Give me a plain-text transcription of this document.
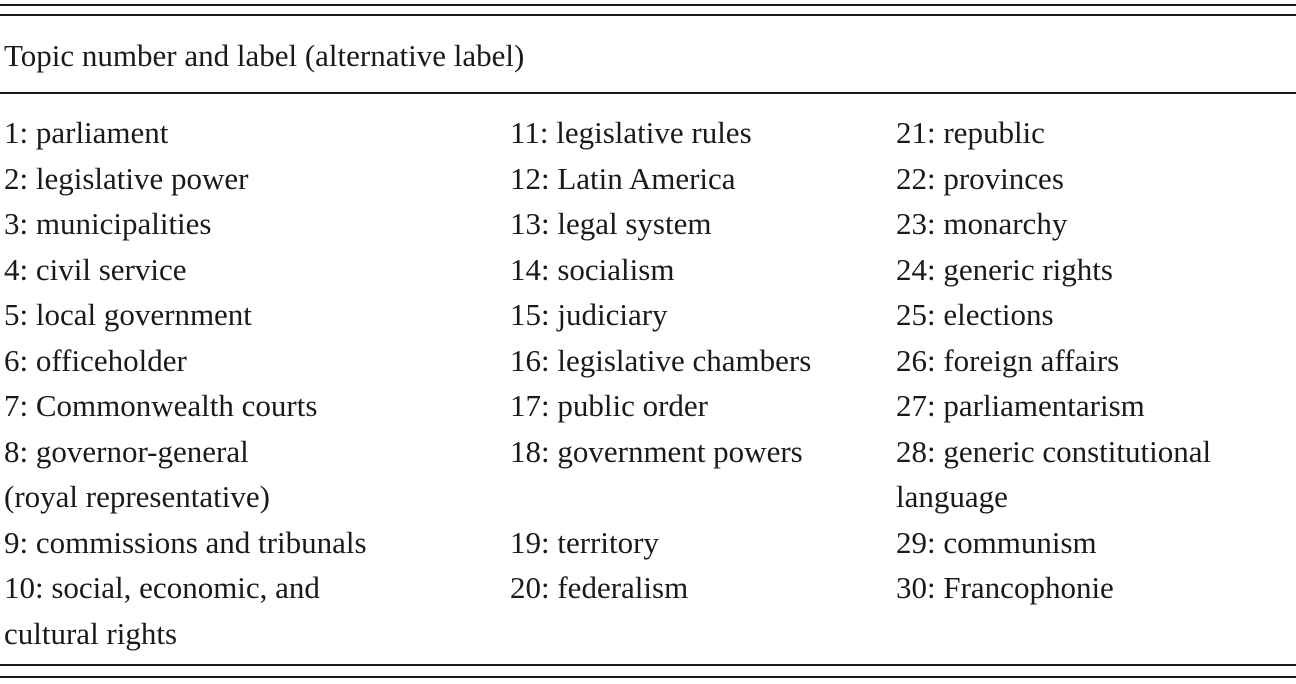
Topic number and label (alternative label)
1: parliament
2: legislative power
3: municipalities
4: civil service
5: local government
6: officeholder
7: Commonwealth courts
8: governor-general
(royal representative)
9: commissions and tribunals
10: social, economic, and
cultural rights
11: legislative rules
12: Latin America
13: legal system
14: socialism
15: judiciary
16: legislative chambers
17: public order
18: government powers
19: territory
20: federalism
21: republic
22: provinces
23: monarchy
24: generic rights
25: elections
26: foreign affairs
27: parliamentarism
28: generic constitutional
language
29: communism
30: Francophonie
